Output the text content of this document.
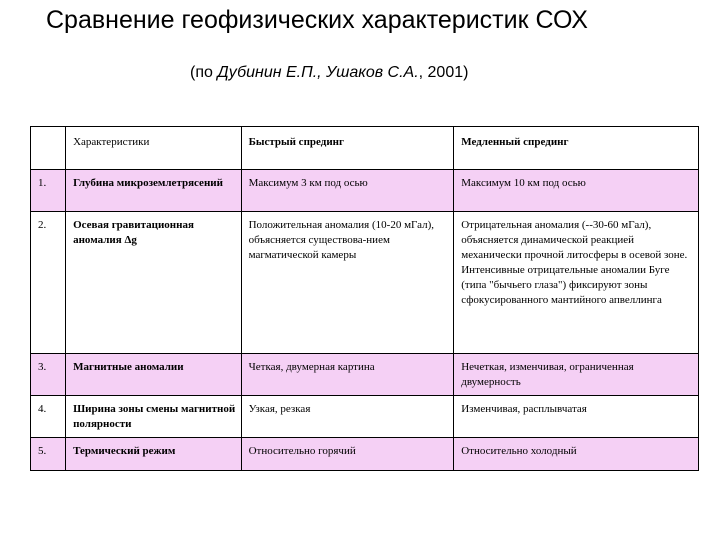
Сравнение геофизических характеристик СОХ
(по Дубинин Е.П., Ушаков С.А., 2001)
	Характеристики	Быстрый спрединг	Медленный спрединг
1.	Глубина микроземлетрясений	Максимум 3 км под осью	Максимум 10 км под осью
2.	Осевая гравитационная аномалия Δg	Положительная аномалия (10-20 мГал), объясняется существова-нием магматической камеры	Отрицательная аномалия (--30-60 мГал), объясняется динамической реакцией механически прочной литосферы в осевой зоне. Интенсивные отрицательные аномалии Буге (типа "бычьего глаза") фиксируют зоны сфокусированного мантийного апвеллинга
3.	Магнитные аномалии	Четкая, двумерная картина	Нечеткая, изменчивая, ограниченная двумерность
4.	Ширина зоны смены магнитной полярности	Узкая, резкая	Изменчивая, расплывчатая
5.	Термический режим	Относительно горячий	Относительно холодный
